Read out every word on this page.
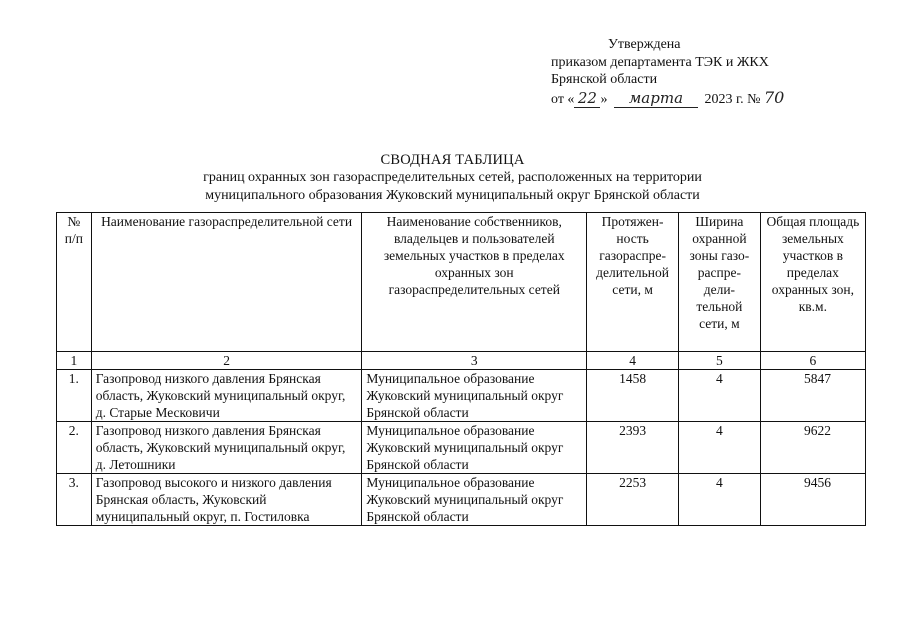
Утверждена
приказом департамента ТЭК и ЖКХ
Брянской области
от « 22 » марта 2023 г. № 70
СВОДНАЯ ТАБЛИЦА
границ охранных зон газораспределительных сетей, расположенных на территории
муниципального образования Жуковский муниципальный округ Брянской области
№ п/п	Наименование газораспределительной сети	Наименование собственников, владельцев и пользователей земельных участков в пределах охранных зон газораспределительных сетей	Протяжен-ность газораспре-делительной сети, м	Ширина охранной зоны газо-распре-дели-тельной сети, м	Общая площадь земельных участков в пределах охранных зон, кв.м.
1	2	3	4	5	6
1.	Газопровод низкого давления Брянская область, Жуковский муниципальный округ, д. Старые Месковичи	Муниципальное образование Жуковский муниципальный округ Брянской области	1458	4	5847
2.	Газопровод низкого давления Брянская область, Жуковский муниципальный округ, д. Летошники	Муниципальное образование Жуковский муниципальный округ Брянской области	2393	4	9622
3.	Газопровод высокого и низкого давления Брянская область, Жуковский муниципальный округ, п. Гостиловка	Муниципальное образование Жуковский муниципальный округ Брянской области	2253	4	9456
